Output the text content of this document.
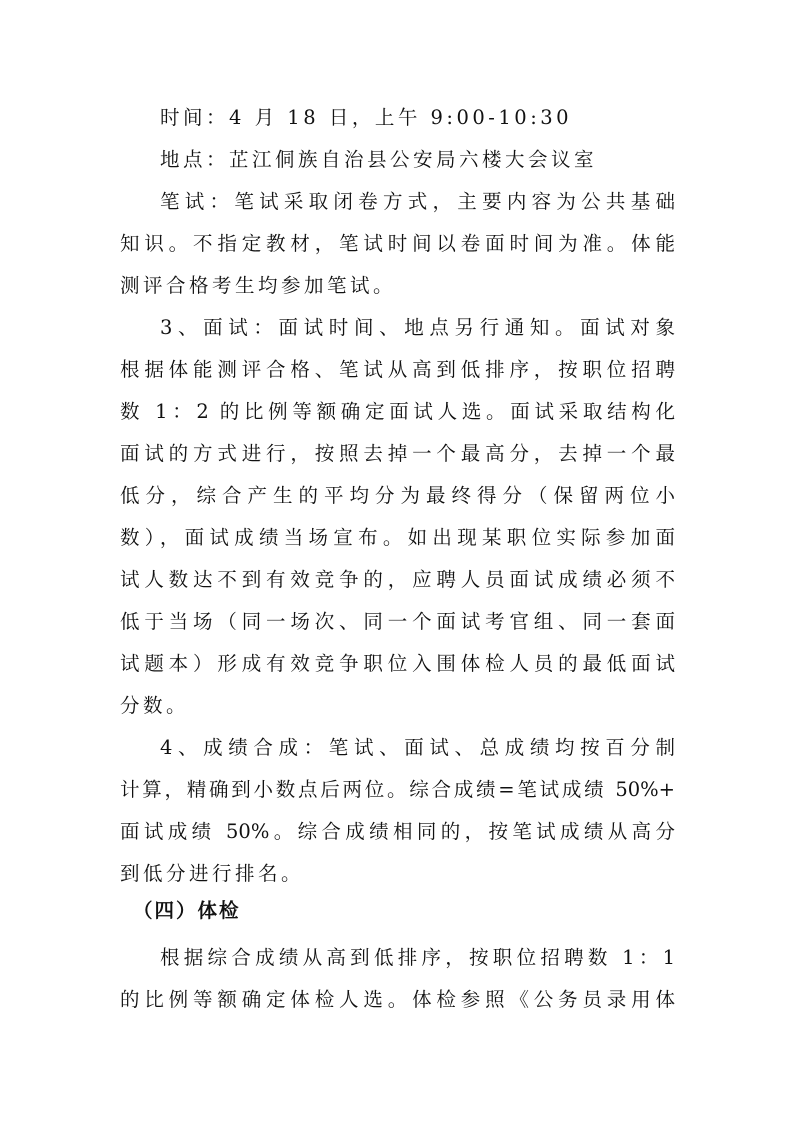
时间：4 月 18 日，上午 9:00-10:30
地点：芷江侗族自治县公安局六楼大会议室
笔试：笔试采取闭卷方式，主要内容为公共基础
知识。不指定教材，笔试时间以卷面时间为准。体能
测评合格考生均参加笔试。
3、面试：面试时间、地点另行通知。面试对象
根据体能测评合格、笔试从高到低排序，按职位招聘
数 1：2 的比例等额确定面试人选。面试采取结构化
面试的方式进行，按照去掉一个最高分，去掉一个最
低分，综合产生的平均分为最终得分（保留两位小
数），面试成绩当场宣布。如出现某职位实际参加面
试人数达不到有效竞争的，应聘人员面试成绩必须不
低于当场（同一场次、同一个面试考官组、同一套面
试题本）形成有效竞争职位入围体检人员的最低面试
分数。
4、成绩合成：笔试、面试、总成绩均按百分制
计算，精确到小数点后两位。综合成绩=笔试成绩 50%+
面试成绩 50%。综合成绩相同的，按笔试成绩从高分
到低分进行排名。
（四）体检
根据综合成绩从高到低排序，按职位招聘数 1：1
的比例等额确定体检人选。体检参照《公务员录用体
